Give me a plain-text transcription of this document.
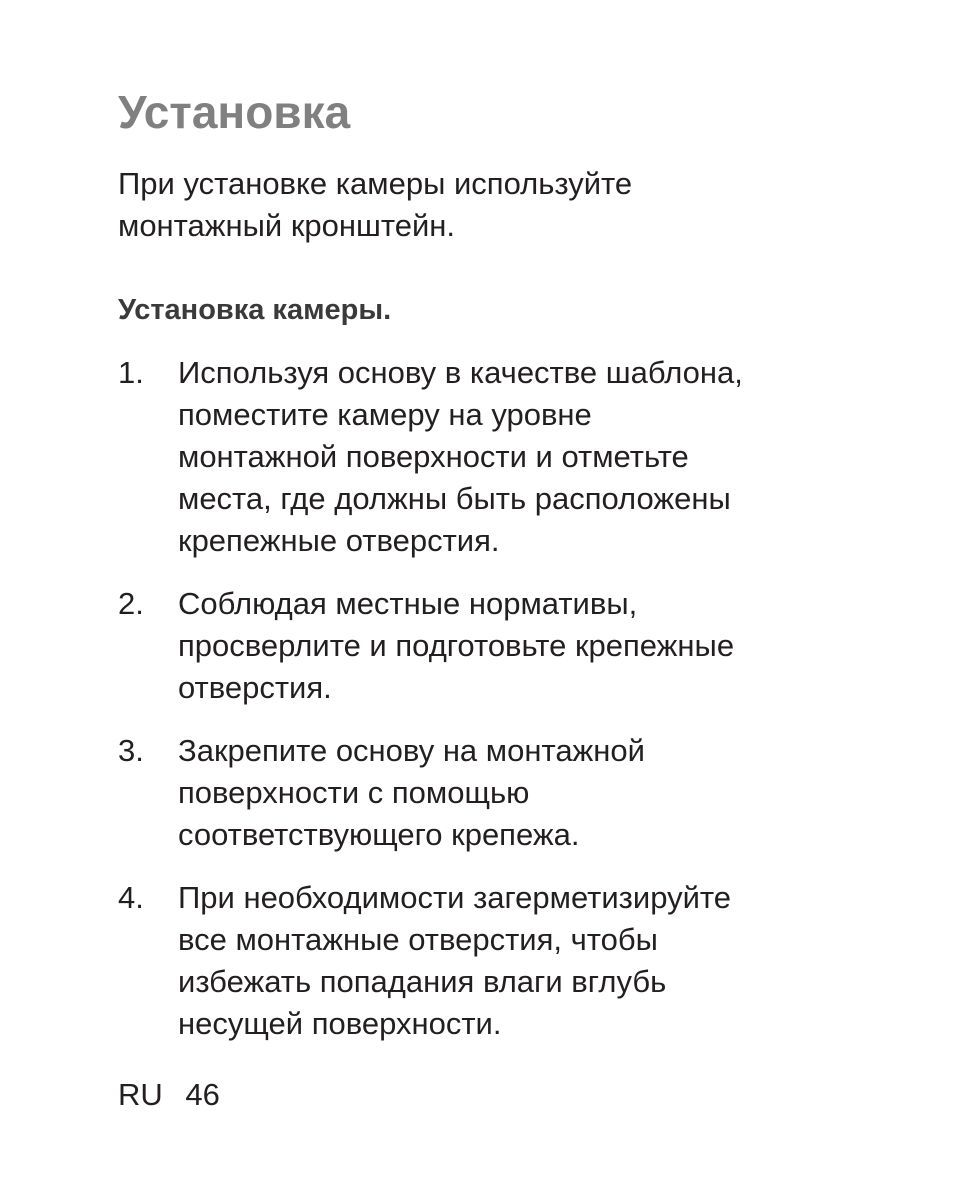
Установка

При установке камеры используйте
монтажный кронштейн.

Установка камеры.
1. Используя основу в качестве шаблона,
поместите камеру на уровне
монтажной поверхности и отметьте
места, где должны быть расположены
крепежные отверстия.
2. Соблюдая местные нормативы,
просверлите и подготовьте крепежные
отверстия.
3. Закрепите основу на монтажной
поверхности с помощью
соответствующего крепежа.
4. При необходимости загерметизируйте
все монтажные отверстия, чтобы
избежать попадания влаги вглубь
несущей поверхности.
RU 46
